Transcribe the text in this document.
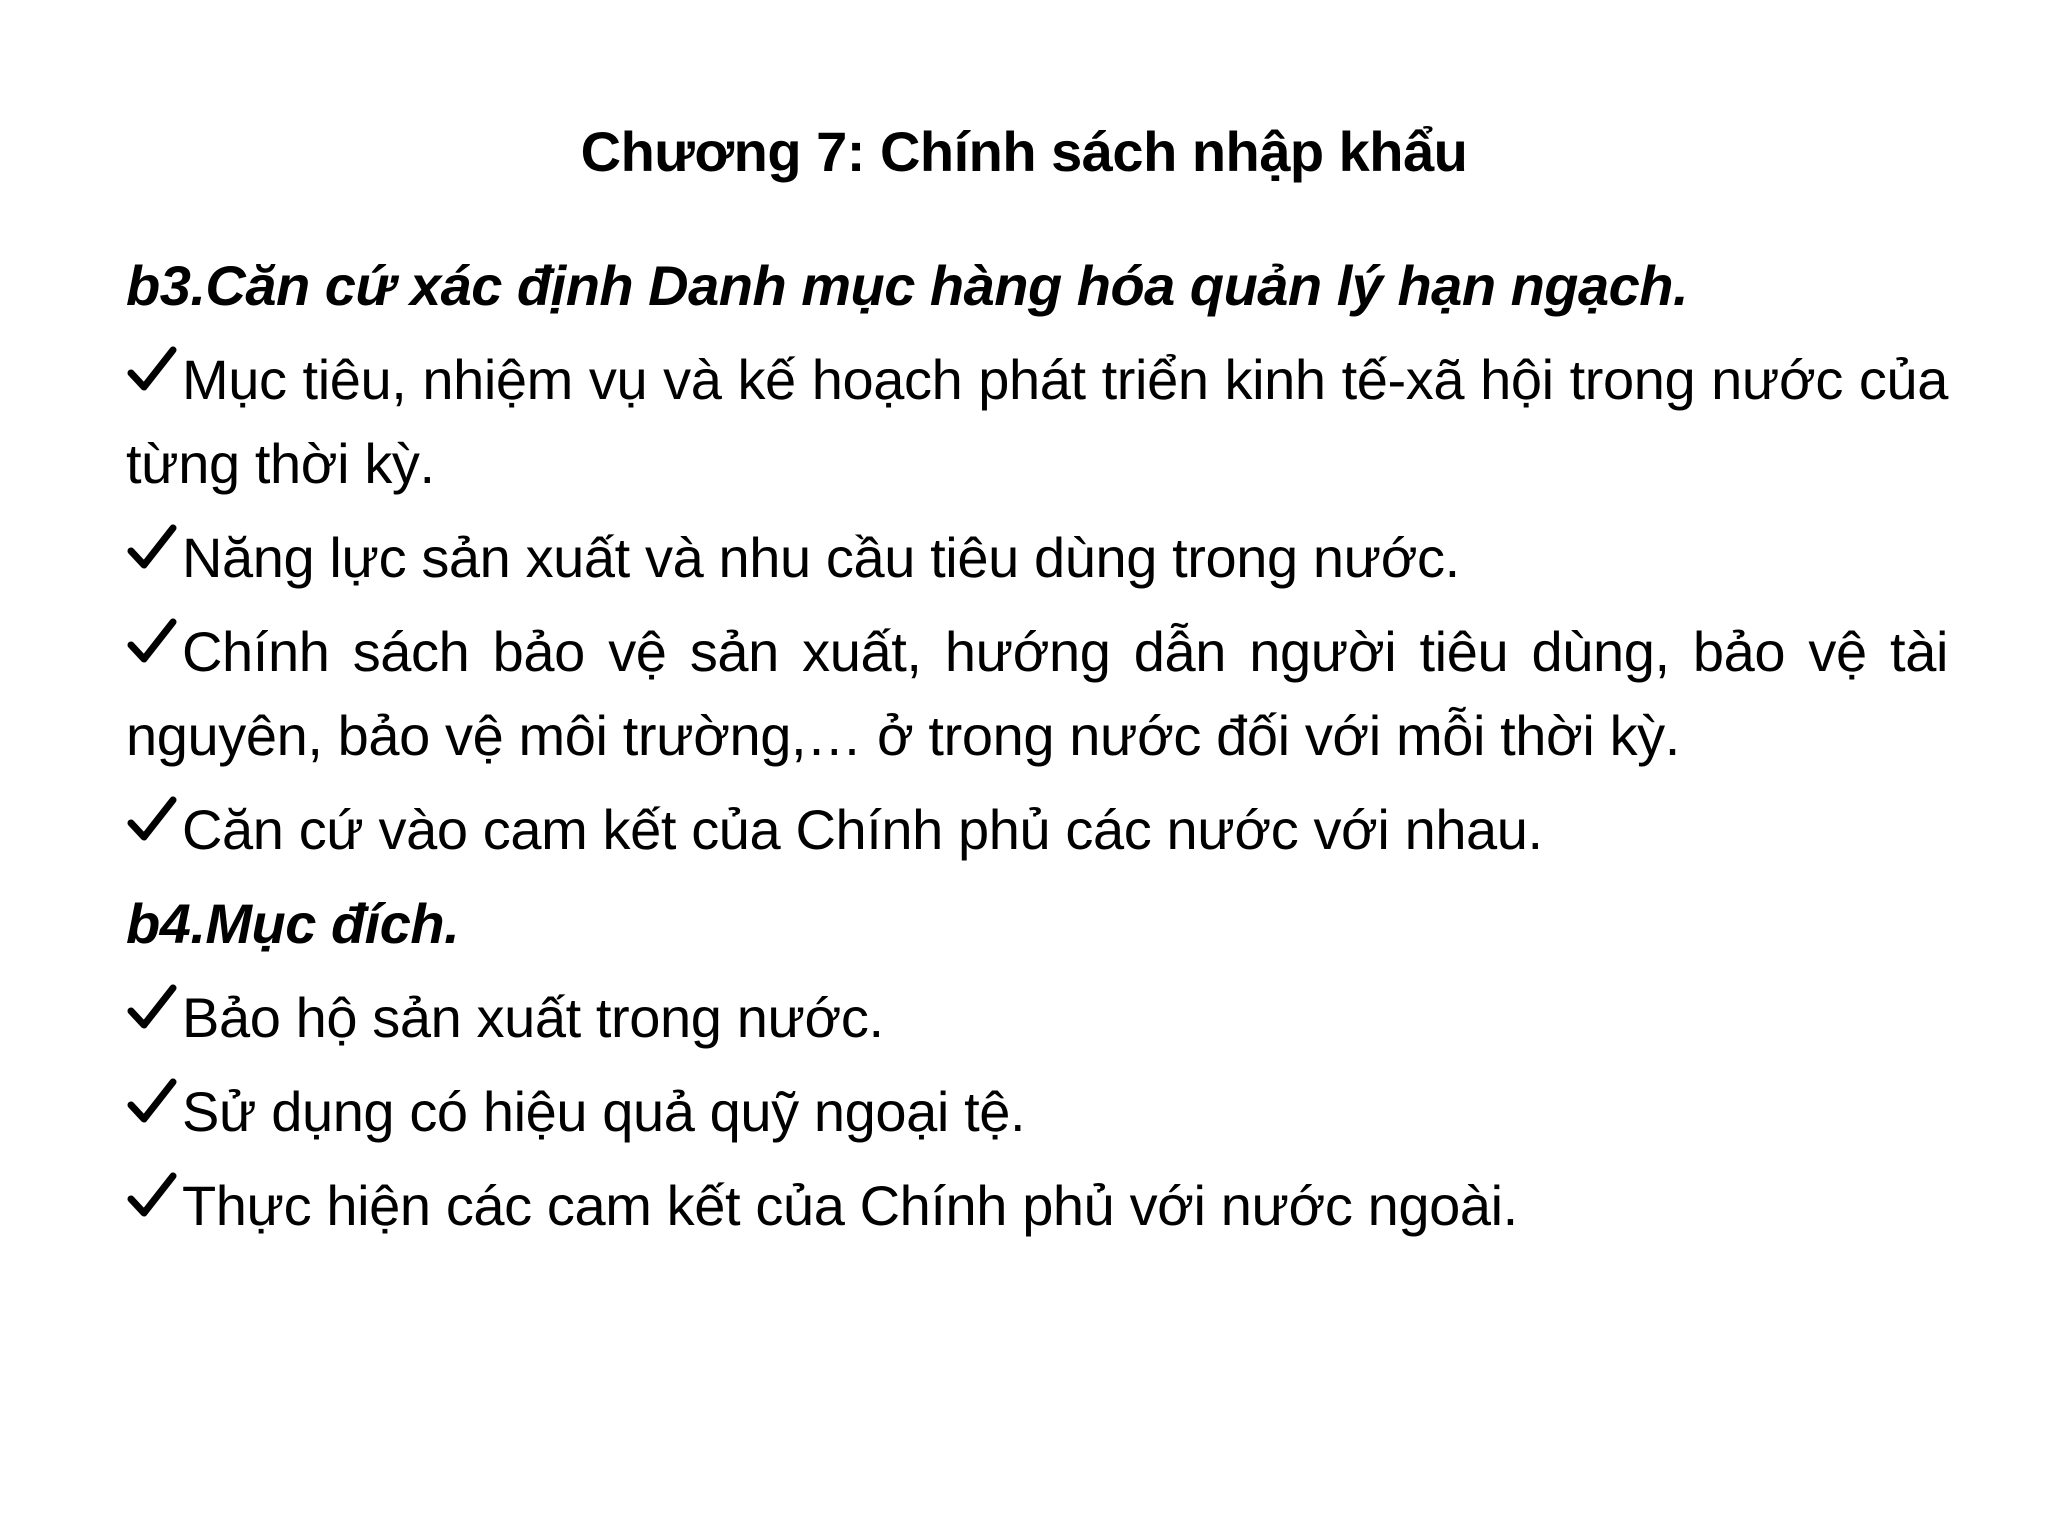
Chương 7: Chính sách nhập khẩu
b3.Căn cứ xác định Danh mục hàng hóa quản lý hạn ngạch.
Mục tiêu, nhiệm vụ và kế hoạch phát triển kinh tế-xã hội trong nước của từng thời kỳ.
Năng lực sản xuất và nhu cầu tiêu dùng trong nước.
Chính sách bảo vệ sản xuất, hướng dẫn người tiêu dùng, bảo vệ tài nguyên, bảo vệ môi trường,… ở trong nước đối với mỗi thời kỳ.
Căn cứ vào cam kết của Chính phủ các nước với nhau.
b4.Mục đích.
Bảo hộ sản xuất trong nước.
Sử dụng có hiệu quả quỹ ngoại tệ.
Thực hiện các cam kết của Chính phủ với nước ngoài.
